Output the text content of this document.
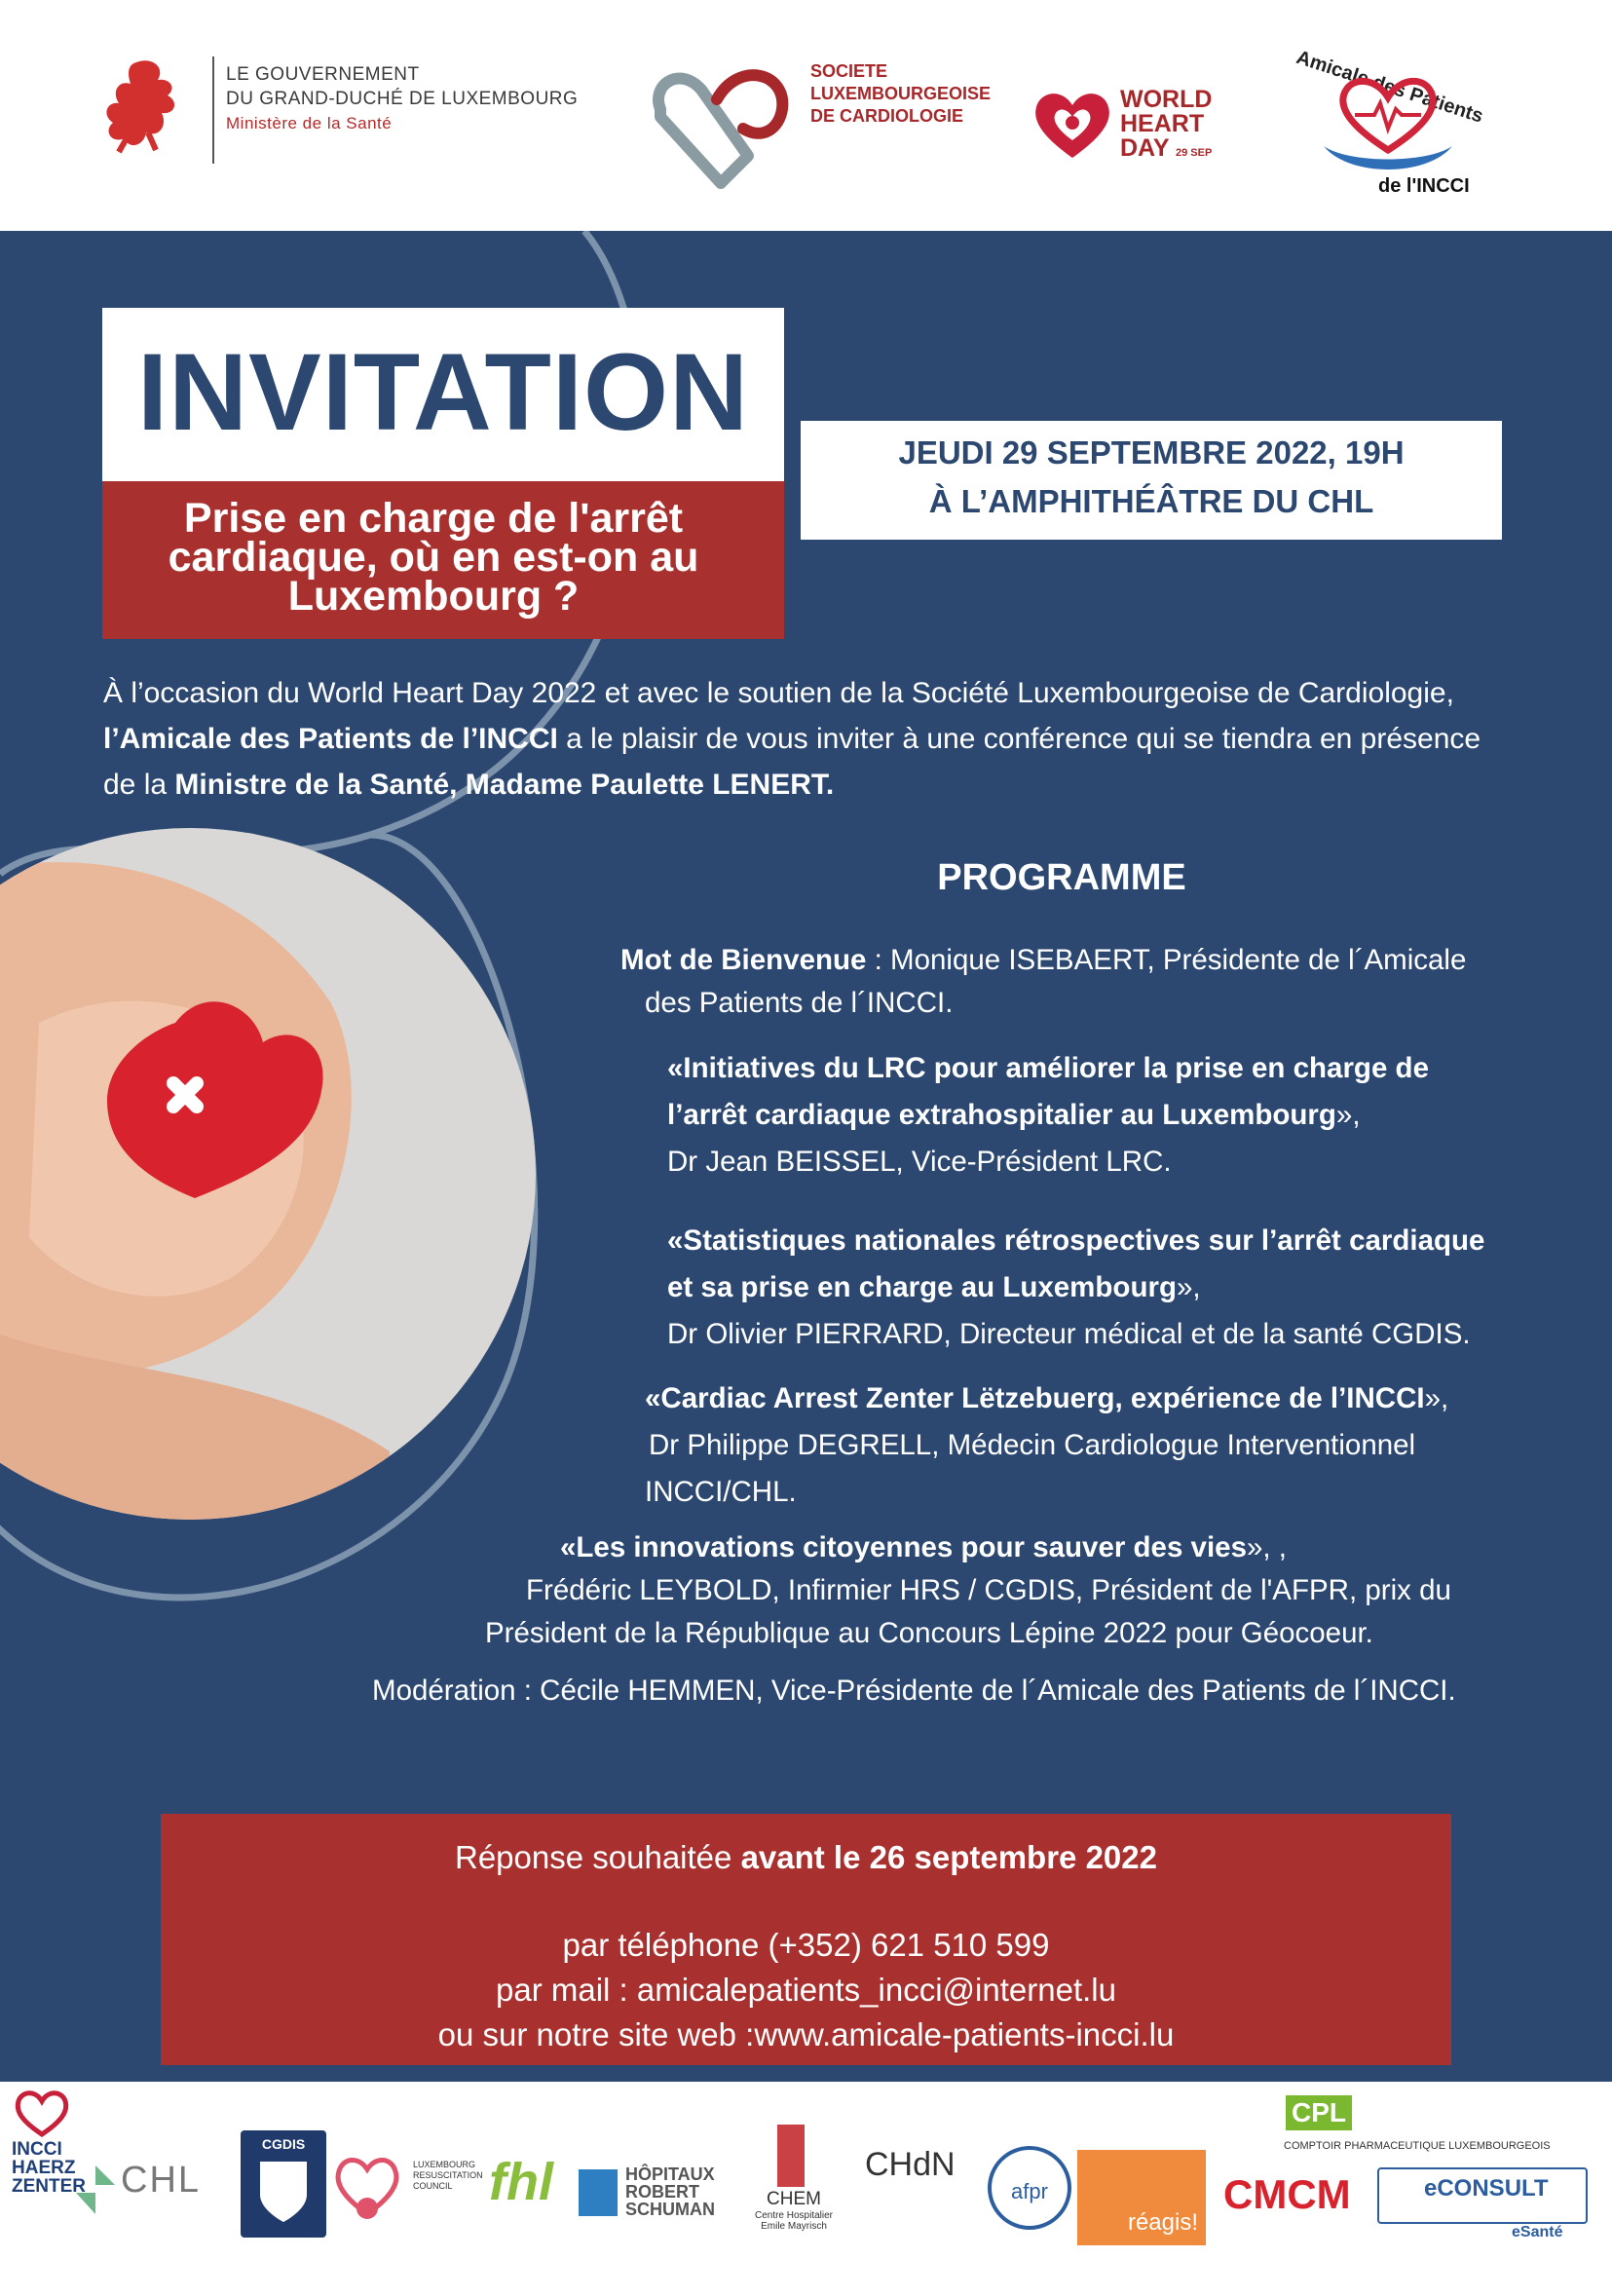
LE GOUVERNEMENT
DU GRAND-DUCHÉ DE LUXEMBOURG
Ministère de la Santé
SOCIETE
LUXEMBOURGEOISE
DE CARDIOLOGIE
WORLD
HEART
DAY 29 SEP
Amicale des Patients
de l'INCCI
INVITATION
Prise en charge de l'arrêt cardiaque, où en est-on au Luxembourg ?
JEUDI 29 SEPTEMBRE 2022, 19H
À L’AMPHITHÉÂTRE DU CHL
À l’occasion du World Heart Day 2022 et avec le soutien de la Société Luxembourgeoise de Cardiologie, l’Amicale des Patients de l’INCCI a le plaisir de vous inviter à une conférence qui se tiendra en présence de la Ministre de la Santé, Madame Paulette LENERT.
PROGRAMME
Mot de Bienvenue : Monique ISEBAERT, Présidente de l´Amicale
des Patients de l´INCCI.
«Initiatives du LRC pour améliorer la prise en charge de
l’arrêt cardiaque extrahospitalier au Luxembourg»,
Dr Jean BEISSEL, Vice-Président LRC.
«Statistiques nationales rétrospectives sur l’arrêt cardiaque
et sa prise en charge au Luxembourg»,
Dr Olivier PIERRARD, Directeur médical et de la santé CGDIS.
«Cardiac Arrest Zenter Lëtzebuerg, expérience de l’INCCI»,
Dr Philippe DEGRELL, Médecin Cardiologue Interventionnel
INCCI/CHL.
«Les innovations citoyennes pour sauver des vies», ,
Frédéric LEYBOLD, Infirmier HRS / CGDIS, Président de l'AFPR, prix du
Président de la République au Concours Lépine 2022 pour Géocoeur.
Modération : Cécile HEMMEN, Vice-Présidente de l´Amicale des Patients de l´INCCI.
Réponse souhaitée avant le 26 septembre 2022
par téléphone (+352) 621 510 599
par mail : amicalepatients_incci@internet.lu
ou sur notre site web :www.amicale-patients-incci.lu
INCCI
HAERZ
ZENTER CHL
CGDIS
LUXEMBOURG RESUSCITATION COUNCIL fhl	HÔPITAUX
ROBERT
SCHUMAN	CHEM
Centre Hospitalier Emile Mayrisch
CHdN
afpr
réagis!
CMCM
CPL
COMPTOIR PHARMACEUTIQUE LUXEMBOURGEOIS
eCONSULT
eSanté
